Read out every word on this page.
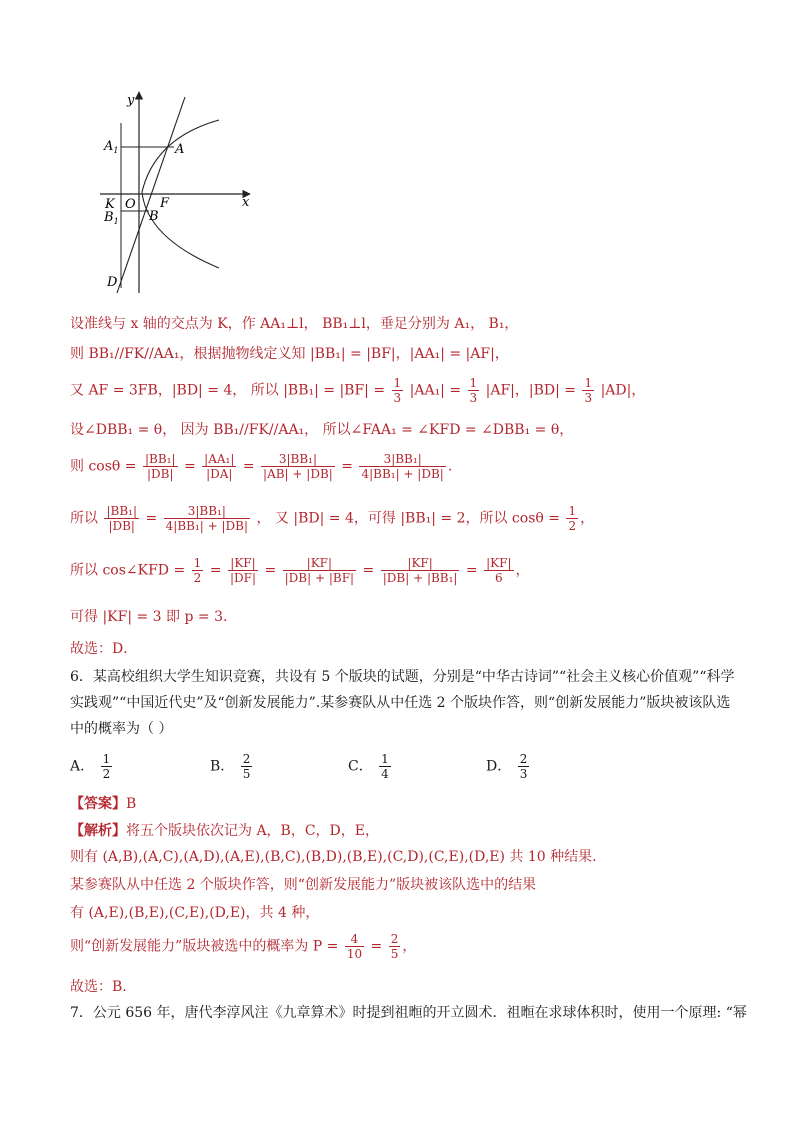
y
x
$A_1$	A
K O F
$B_1$ B
D
设准线与 x 轴的交点为 K，作 AA₁⊥l， BB₁⊥l，垂足分别为 A₁， B₁，
则 BB₁//FK//AA₁，根据抛物线定义知 |BB₁| = |BF|，|AA₁| = |AF|，
又 AF = 3FB，|BD| = 4， 所以 $|BB_1| = |BF| = \frac{1}{3} |AA_1| = \frac{1}{3} |AF|$，$|BD| = \frac{1}{3} |AD|$，
设∠DBB₁ = θ， 因为 BB₁//FK//AA₁， 所以∠FAA₁ = ∠KFD = ∠DBB₁ = θ，
则 $\cos\theta = \frac{\text{|BB₁|}}{|DB|} = \frac{\text{|AA₁|}}{|DA|} = \frac{\text{3|BB₁|}}{|AB| + |DB|} = \frac{\text{3|BB₁|}}{\text{4|BB₁| + |DB|}}$ .
所以 $\frac{\text{|BB₁|}}{|DB|} = \frac{\text{3|BB₁|}}{\text{4|BB₁| + |DB|}}$ ， 又 |BD| = 4，可得 |BB₁| = 2，所以 $\cos\theta = \frac{1}{2}$ ，
所以 cos∠KFD = $\frac{1}{2} = \frac{|KF|}{|DF|} = \frac{|KF|}{|DB| + |BF|} = \frac{|KF|}{\text{|DB| + |BB₁|}} = \frac{|KF|}{6}$ ，
可得 |KF| = 3 即 p = 3.
故选：D．
6．某高校组织大学生知识竞赛，共设有 5 个版块的试题，分别是“中华古诗词”“社会主义核心价值观”“科学
实践观”“中国近代史”及“创新发展能力”.某参赛队从中任选 2 个版块作答，则“创新发展能力”版块被该队选
中的概率为（ ）
A． $\frac{1}{2}$	B． $\frac{2}{5}$	C． $\frac{1}{4}$	D． $\frac{2}{3}$
【答案】B
【解析】将五个版块依次记为 A，B，C，D，E，
则有 (A,B),(A,C),(A,D),(A,E),(B,C),(B,D),(B,E),(C,D),(C,E),(D,E) 共 10 种结果.
某参赛队从中任选 2 个版块作答，则“创新发展能力”版块被该队选中的结果
有 (A,E),(B,E),(C,E),(D,E)，共 4 种，
则“创新发展能力”版块被选中的概率为 $P = \frac{4}{10} = \frac{2}{5}$ ，
故选：B.
7．公元 656 年，唐代李淳风注《九章算术》时提到祖暅的开立圆术．祖暅在求球体积时，使用一个原理: “幂
